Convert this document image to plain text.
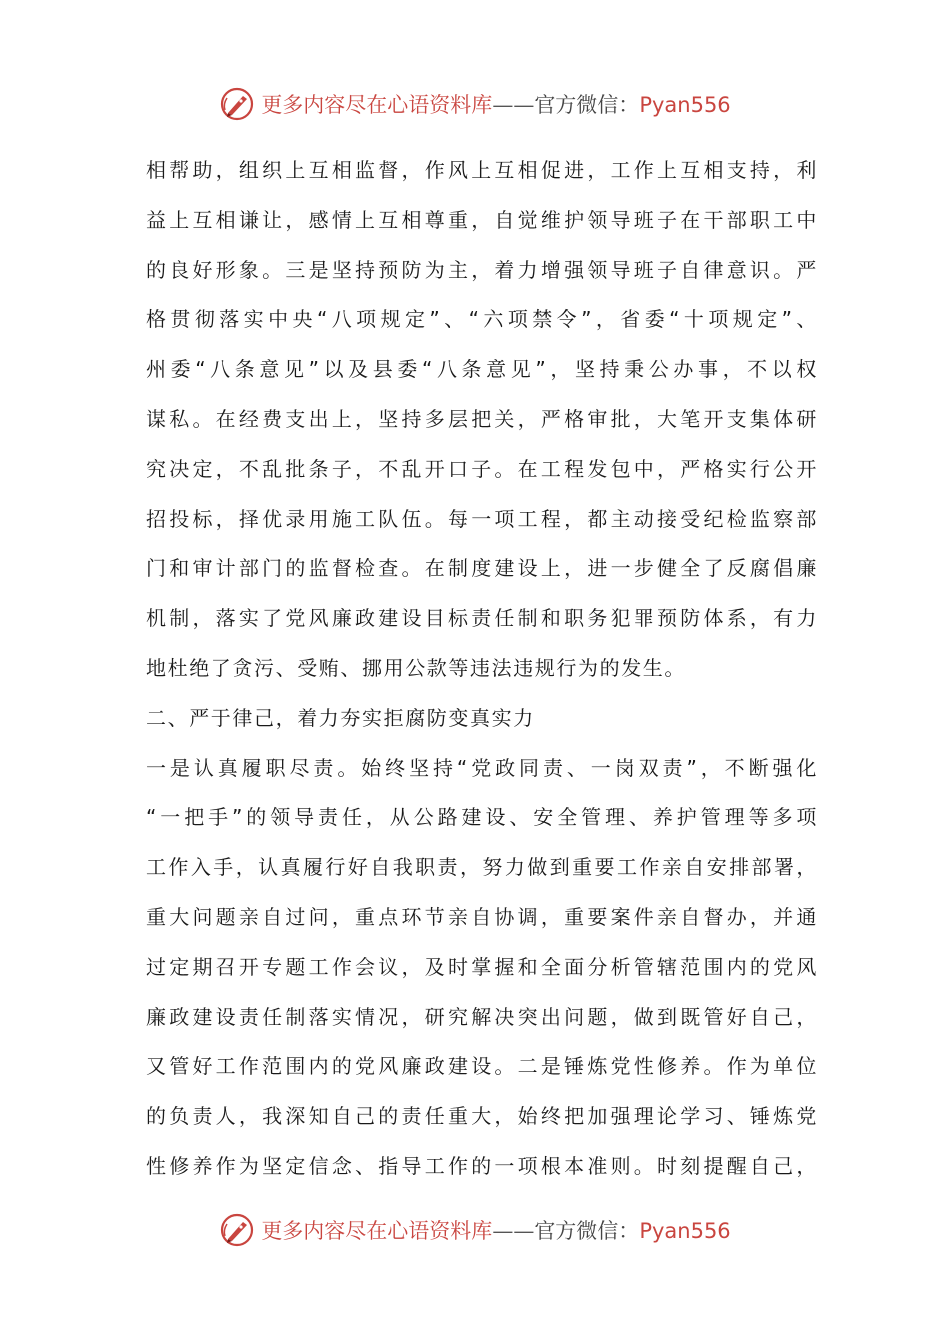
更多内容尽在心语资料库——官方微信：Pyan556
相帮助，组织上互相监督，作风上互相促进，工作上互相支持，利
益上互相谦让，感情上互相尊重，自觉维护领导班子在干部职工中
的良好形象。三是坚持预防为主，着力增强领导班子自律意识。严
格贯彻落实中央“八项规定”、“六项禁令”，省委“十项规定”、
州委“八条意见”以及县委“八条意见”，坚持秉公办事，不以权
谋私。在经费支出上，坚持多层把关，严格审批，大笔开支集体研
究决定，不乱批条子，不乱开口子。在工程发包中，严格实行公开
招投标，择优录用施工队伍。每一项工程，都主动接受纪检监察部
门和审计部门的监督检查。在制度建设上，进一步健全了反腐倡廉
机制，落实了党风廉政建设目标责任制和职务犯罪预防体系，有力
地杜绝了贪污、受贿、挪用公款等违法违规行为的发生。
二、严于律己，着力夯实拒腐防变真实力
一是认真履职尽责。始终坚持“党政同责、一岗双责”，不断强化
“一把手”的领导责任，从公路建设、安全管理、养护管理等多项
工作入手，认真履行好自我职责，努力做到重要工作亲自安排部署，
重大问题亲自过问，重点环节亲自协调，重要案件亲自督办，并通
过定期召开专题工作会议，及时掌握和全面分析管辖范围内的党风
廉政建设责任制落实情况，研究解决突出问题，做到既管好自己，
又管好工作范围内的党风廉政建设。二是锤炼党性修养。作为单位
的负责人，我深知自己的责任重大，始终把加强理论学习、锤炼党
性修养作为坚定信念、指导工作的一项根本准则。时刻提醒自己，
更多内容尽在心语资料库——官方微信：Pyan556
